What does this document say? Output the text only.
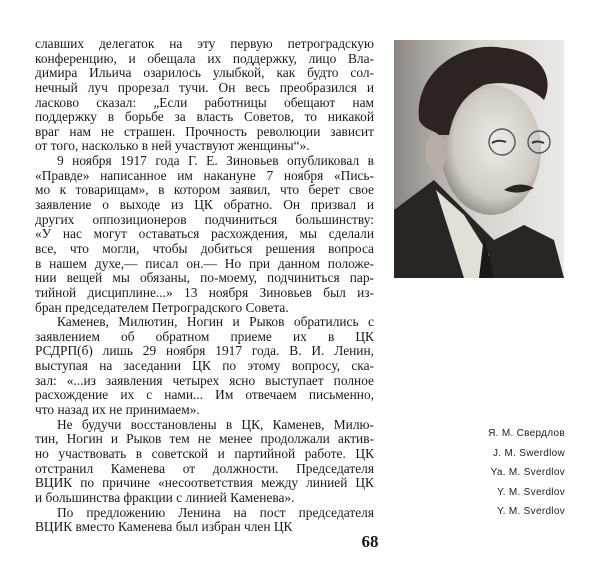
славших делегаток на эту первую петроградскую
конференцию, и обещала их поддержку, лицо Вла-
димира Ильича озарилось улыбкой, как будто сол-
нечный луч прорезал тучи. Он весь преобразился и
ласково сказал: „Если работницы обещают нам
поддержку в борьбе за власть Советов, то никакой
враг нам не страшен. Прочность революции зависит
от того, насколько в ней участвуют женщины“».
9 ноября 1917 года Г. Е. Зиновьев опубликовал в
«Правде» написанное им накануне 7 ноября «Пись-
мо к товарищам», в котором заявил, что берет свое
заявление о выходе из ЦК обратно. Он призвал и
других оппозиционеров подчиниться большинству:
«У нас могут оставаться расхождения, мы сделали
все, что могли, чтобы добиться решения вопроса
в нашем духе,— писал он.— Но при данном положе-
нии вещей мы обязаны, по-моему, подчиниться пар-
тийной дисциплине...» 13 ноября Зиновьев был из-
бран председателем Петроградского Совета.
Каменев, Милютин, Ногин и Рыков обратились с
заявлением об обратном приеме их в ЦК
РСДРП(б) лишь 29 ноября 1917 года. В. И. Ленин,
выступая на заседании ЦК по этому вопросу, ска-
зал: «...из заявления четырех ясно выступает полное
расхождение их с нами... Им отвечаем письменно,
что назад их не принимаем».
Не будучи восстановлены в ЦК, Каменев, Милю-
тин, Ногин и Рыков тем не менее продолжали актив-
но участвовать в советской и партийной работе. ЦК
отстранил Каменева от должности. Председателя
ВЦИК по причине «несоответствия между линией ЦК
и большинства фракции с линией Каменева».
По предложению Ленина на пост председателя
ВЦИК вместо Каменева был избран член ЦК
Я. М. Свердлов
J. M. Swerdlow
Ya. M. Sverdlov
Y. M. Sverdlov
Y. M. Sverdlov
68
